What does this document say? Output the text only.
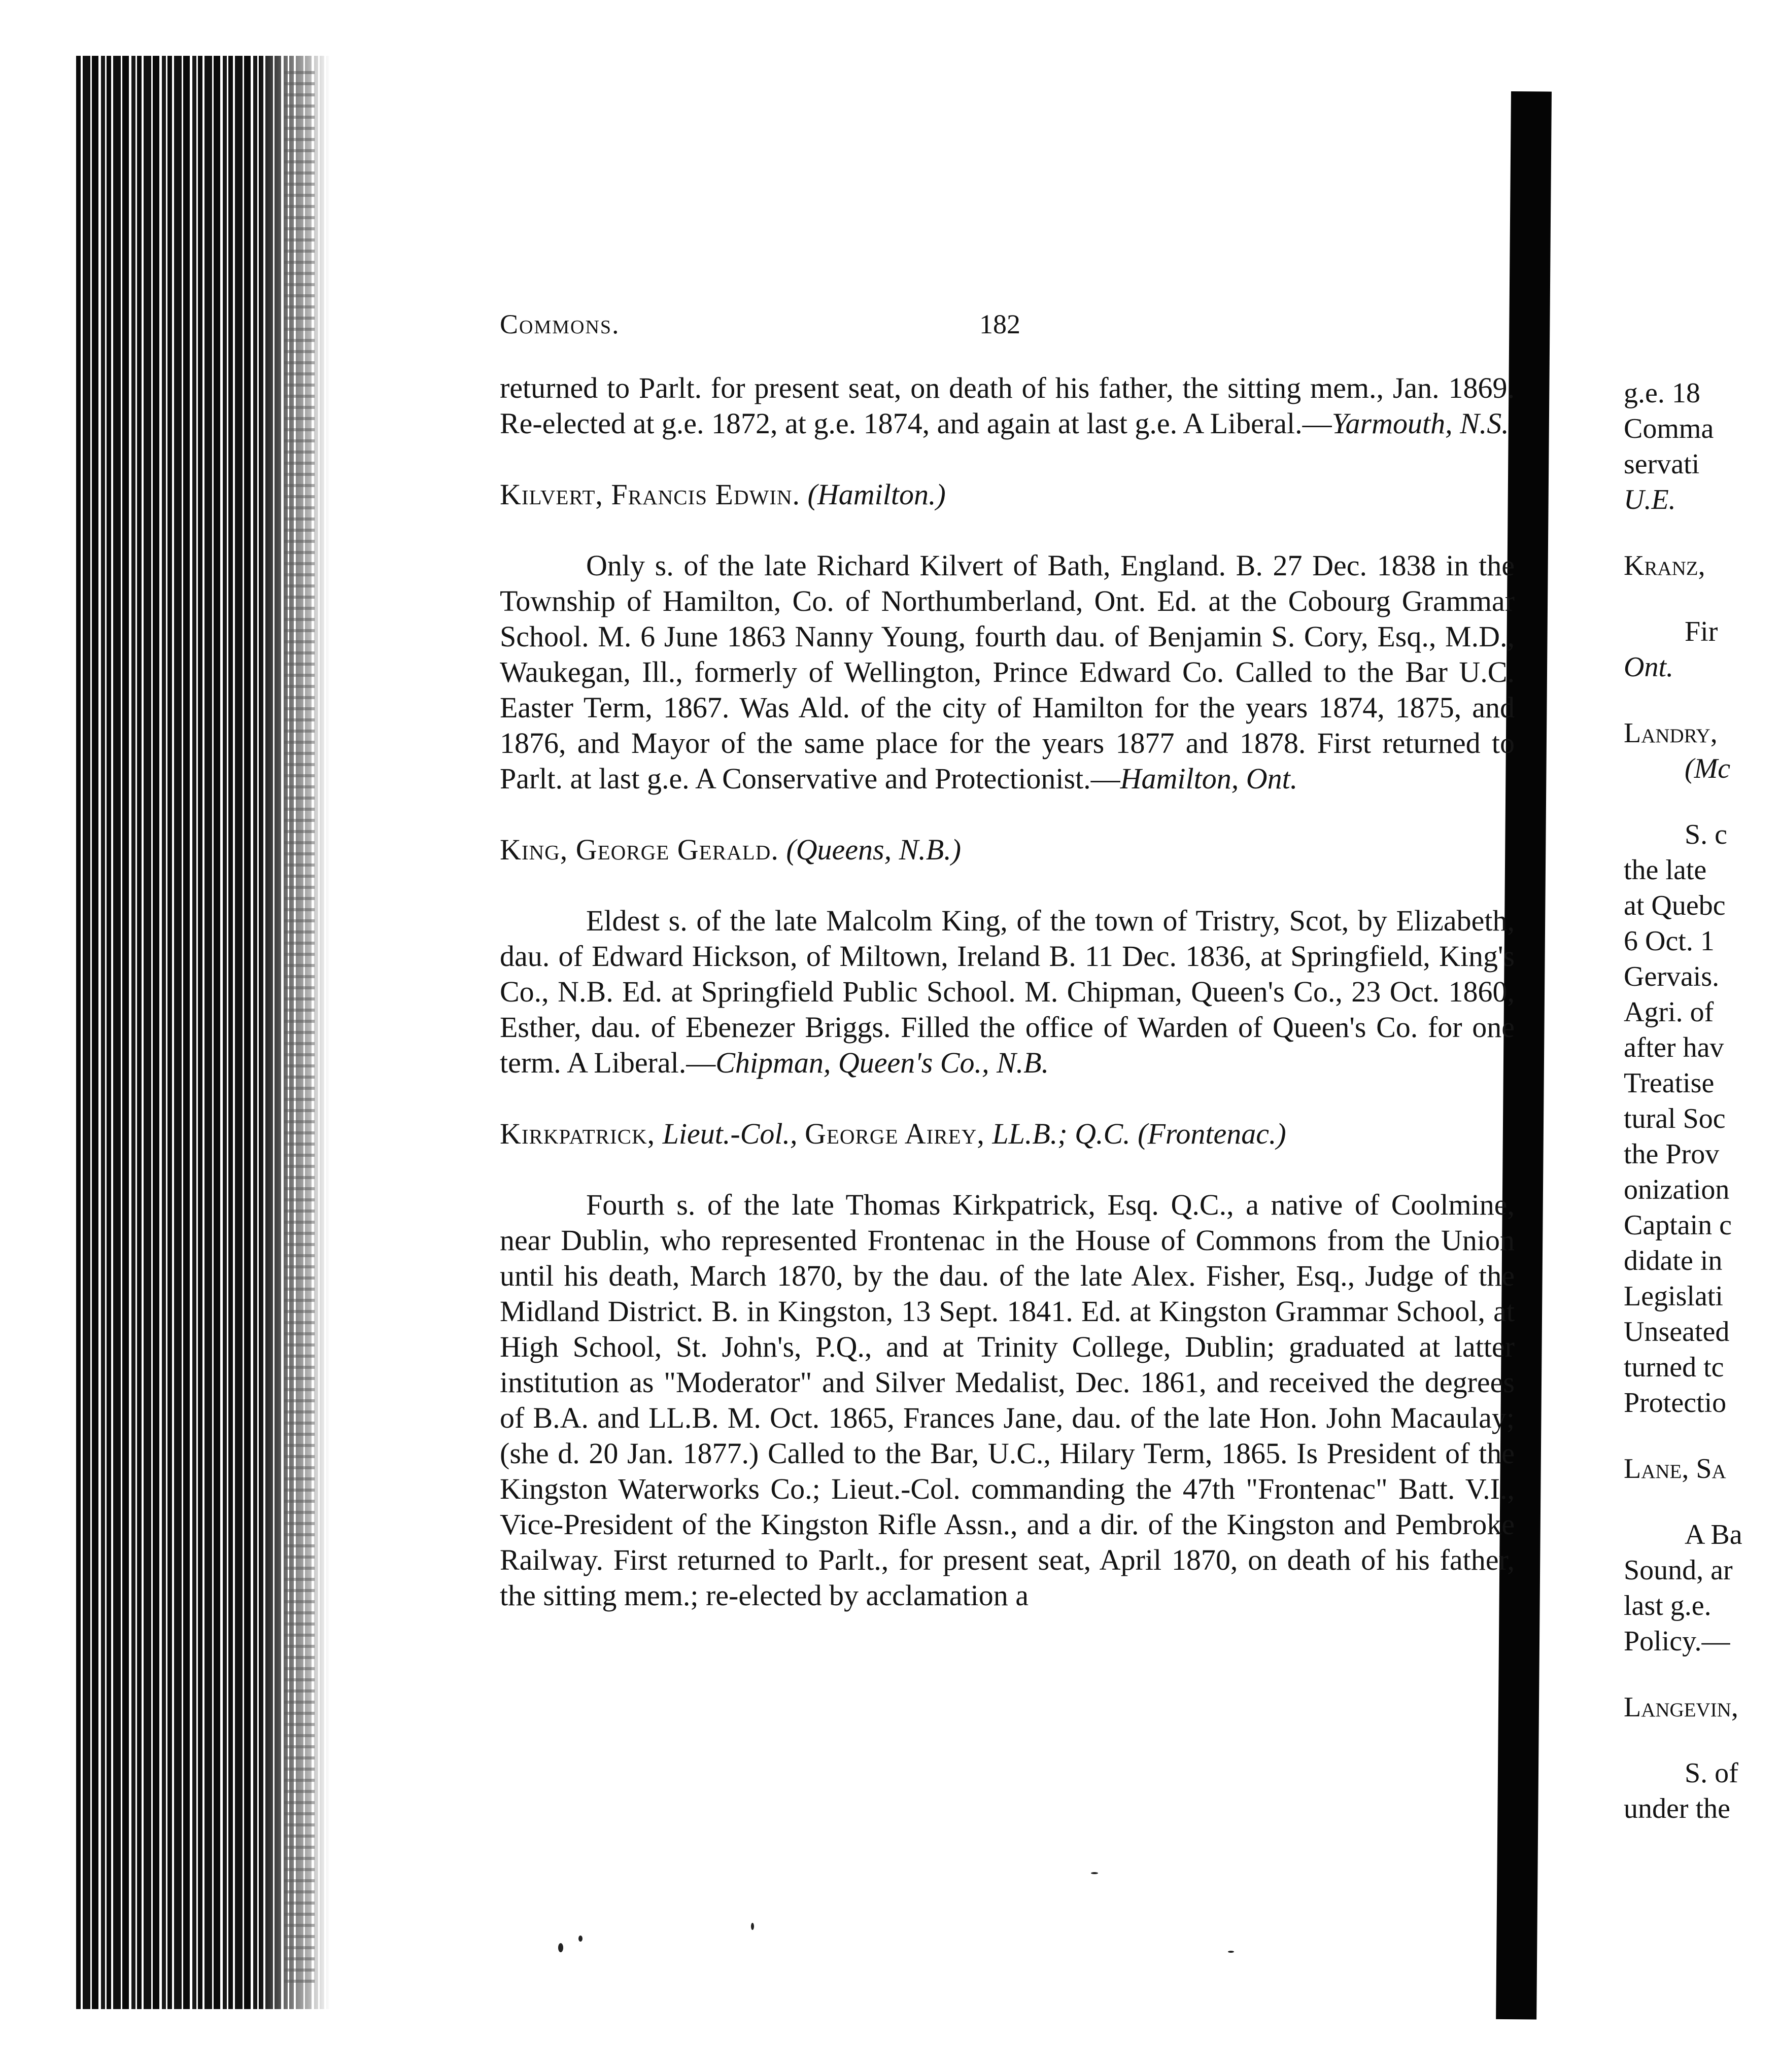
Commons.	182

returned to Parlt. for present seat, on death of his father, the sitting mem., Jan. 1869. Re-elected at g.e. 1872, at g.e. 1874, and again at last g.e. A Liberal.—Yarmouth, N.S.

Kilvert, Francis Edwin. (Hamilton.)

Only s. of the late Richard Kilvert of Bath, England. B. 27 Dec. 1838 in the Township of Hamilton, Co. of Northumberland, Ont. Ed. at the Cobourg Grammar School. M. 6 June 1863 Nanny Young, fourth dau. of Benjamin S. Cory, Esq., M.D., Waukegan, Ill., formerly of Wellington, Prince Edward Co. Called to the Bar U.C. Easter Term, 1867. Was Ald. of the city of Hamilton for the years 1874, 1875, and 1876, and Mayor of the same place for the years 1877 and 1878. First returned to Parlt. at last g.e. A Conservative and Protectionist.—Hamilton, Ont.

King, George Gerald. (Queens, N.B.)

Eldest s. of the late Malcolm King, of the town of Tristry, Scot, by Elizabeth, dau. of Edward Hickson, of Miltown, Ireland B. 11 Dec. 1836, at Springfield, King's Co., N.B. Ed. at Springfield Public School. M. Chipman, Queen's Co., 23 Oct. 1860, Esther, dau. of Ebenezer Briggs. Filled the office of Warden of Queen's Co. for one term. A Liberal.—Chipman, Queen's Co., N.B.

Kirkpatrick, Lieut.-Col., George Airey, LL.B.; Q.C. (Frontenac.)

Fourth s. of the late Thomas Kirkpatrick, Esq. Q.C., a native of Coolmine, near Dublin, who represented Frontenac in the House of Commons from the Union until his death, March 1870, by the dau. of the late Alex. Fisher, Esq., Judge of the Midland District. B. in Kingston, 13 Sept. 1841. Ed. at Kingston Grammar School, at High School, St. John's, P.Q., and at Trinity College, Dublin; graduated at latter institution as "Moderator" and Silver Medalist, Dec. 1861, and received the degrees of B.A. and LL.B. M. Oct. 1865, Frances Jane, dau. of the late Hon. John Macaulay; (she d. 20 Jan. 1877.) Called to the Bar, U.C., Hilary Term, 1865. Is President of the Kingston Waterworks Co.; Lieut.-Col. commanding the 47th "Frontenac" Batt. V.I., Vice-President of the Kingston Rifle Assn., and a dir. of the Kingston and Pembroke Railway. First returned to Parlt., for present seat, April 1870, on death of his father, the sitting mem.; re-elected by acclamation a

g.e. 18
Comma
servati
U.E.
Kranz,
Fir
Ont.
Landry,
(Mc
S. c
the late
at Quebc
6 Oct. 1
Gervais.
Agri. of
after hav
Treatise
tural Soc
the Prov
onization
Captain c
didate in
Legislati
Unseated
turned tc
Protectio
Lane, Sa
A Ba
Sound, ar
last g.e.
Policy.—
Langevin,
S. of
under the
